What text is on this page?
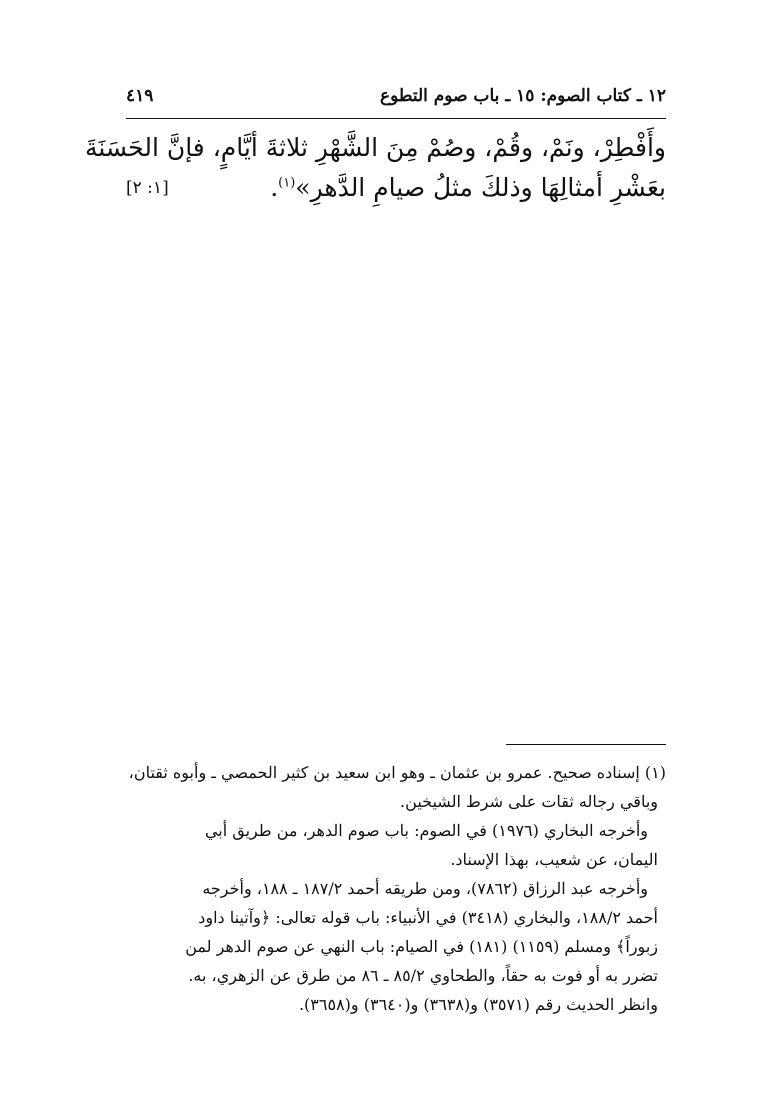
١٢ ـ كتاب الصوم: ١٥ ـ باب صوم التطوع
٤١٩
وأَفْطِرْ، ونَمْ، وقُمْ، وصُمْ مِنَ الشَّهْرِ ثلاثةَ أيَّامٍ، فإنَّ الحَسَنَةَ
بعَشْرِ أمثالِهَا وذلكَ مثلُ صيامِ الدَّهرِ»$^{(١)}$.
[١: ٢]
(١) إسناده صحيح. عمرو بن عثمان ـ وهو ابن سعيد بن كثير الحمصي ـ وأبوه ثقتان،
وباقي رجاله ثقات على شرط الشيخين.
وأخرجه البخاري (١٩٧٦) في الصوم: باب صوم الدهر، من طريق أبي
اليمان، عن شعيب، بهذا الإسناد.
وأخرجه عبد الرزاق (٧٨٦٢)، ومن طريقه أحمد ١٨٧/٢ ـ ١٨٨، وأخرجه
أحمد ١٨٨/٢، والبخاري (٣٤١٨) في الأنبياء: باب قوله تعالى: ﴿وآتينا داود
زبوراً﴾ ومسلم (١١٥٩) (١٨١) في الصيام: باب النهي عن صوم الدهر لمن
تضرر به أو فوت به حقاً، والطحاوي ٨٥/٢ ـ ٨٦ من طرق عن الزهري، به.
وانظر الحديث رقم (٣٥٧١) و(٣٦٣٨) و(٣٦٤٠) و(٣٦٥٨).
